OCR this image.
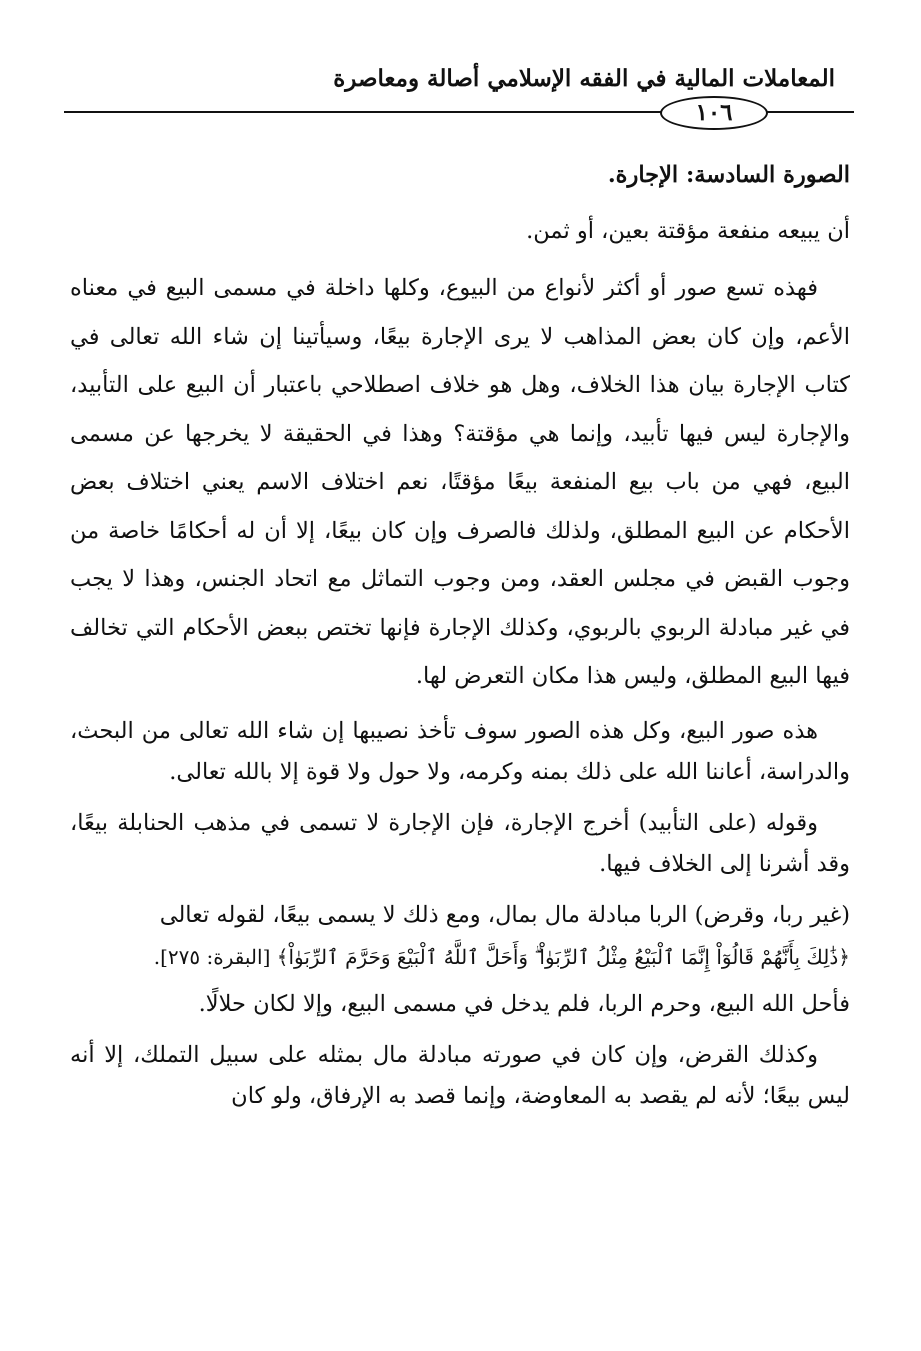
المعاملات المالية في الفقه الإسلامي أصالة ومعاصرة
١٠٦

الصورة السادسة: الإجارة.

أن يبيعه منفعة مؤقتة بعين، أو ثمن.

فهذه تسع صور أو أكثر لأنواع من البيوع، وكلها داخلة في مسمى البيع في معناه الأعم، وإن كان بعض المذاهب لا يرى الإجارة بيعًا، وسيأتينا إن شاء الله تعالى في كتاب الإجارة بيان هذا الخلاف، وهل هو خلاف اصطلاحي باعتبار أن البيع على التأبيد، والإجارة ليس فيها تأبيد، وإنما هي مؤقتة؟ وهذا في الحقيقة لا يخرجها عن مسمى البيع، فهي من باب بيع المنفعة بيعًا مؤقتًا، نعم اختلاف الاسم يعني اختلاف بعض الأحكام عن البيع المطلق، ولذلك فالصرف وإن كان بيعًا، إلا أن له أحكامًا خاصة من وجوب القبض في مجلس العقد، ومن وجوب التماثل مع اتحاد الجنس، وهذا لا يجب في غير مبادلة الربوي بالربوي، وكذلك الإجارة فإنها تختص ببعض الأحكام التي تخالف فيها البيع المطلق، وليس هذا مكان التعرض لها.

هذه صور البيع، وكل هذه الصور سوف تأخذ نصيبها إن شاء الله تعالى من البحث، والدراسة، أعاننا الله على ذلك بمنه وكرمه، ولا حول ولا قوة إلا بالله تعالى.

وقوله (على التأبيد) أخرج الإجارة، فإن الإجارة لا تسمى في مذهب الحنابلة بيعًا، وقد أشرنا إلى الخلاف فيها.

(غير ربا، وقرض) الربا مبادلة مال بمال، ومع ذلك لا يسمى بيعًا، لقوله تعالى

﴿ذَٰلِكَ بِأَنَّهُمْ قَالُوٓاْ إِنَّمَا ٱلْبَيْعُ مِثْلُ ٱلرِّبَوٰاْ ۗ وَأَحَلَّ ٱللَّهُ ٱلْبَيْعَ وَحَرَّمَ ٱلرِّبَوٰاْ﴾ [البقرة: ٢٧٥].

فأحل الله البيع، وحرم الربا، فلم يدخل في مسمى البيع، وإلا لكان حلالًا.

وكذلك القرض، وإن كان في صورته مبادلة مال بمثله على سبيل التملك، إلا أنه ليس بيعًا؛ لأنه لم يقصد به المعاوضة، وإنما قصد به الإرفاق، ولو كان
